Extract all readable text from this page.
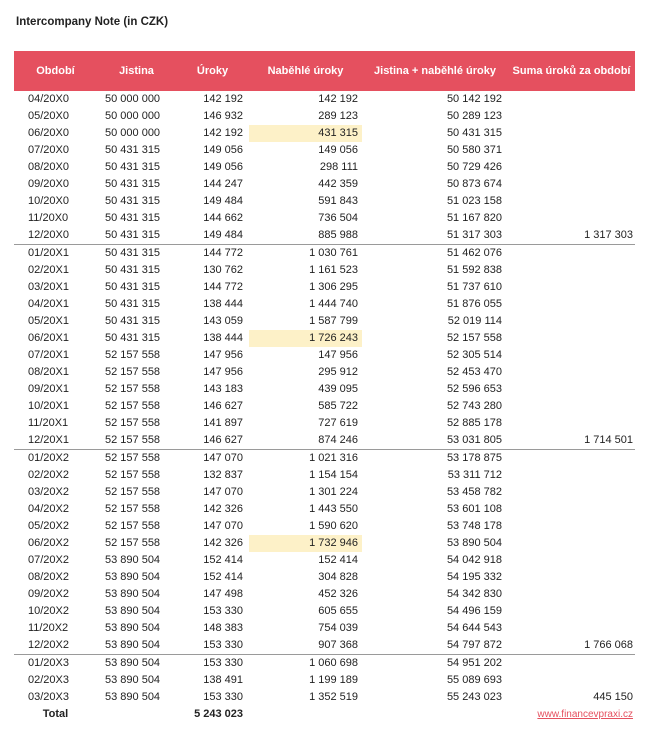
Intercompany Note (in CZK)
Období	Jistina	Úroky	Naběhlé úroky	Jistina + naběhlé úroky	Suma úroků za období
04/20X0	50 000 000	142 192	142 192	50 142 192	
05/20X0	50 000 000	146 932	289 123	50 289 123	
06/20X0	50 000 000	142 192	431 315	50 431 315	
07/20X0	50 431 315	149 056	149 056	50 580 371	
08/20X0	50 431 315	149 056	298 111	50 729 426	
09/20X0	50 431 315	144 247	442 359	50 873 674	
10/20X0	50 431 315	149 484	591 843	51 023 158	
11/20X0	50 431 315	144 662	736 504	51 167 820	
12/20X0	50 431 315	149 484	885 988	51 317 303	1 317 303
01/20X1	50 431 315	144 772	1 030 761	51 462 076	
02/20X1	50 431 315	130 762	1 161 523	51 592 838	
03/20X1	50 431 315	144 772	1 306 295	51 737 610	
04/20X1	50 431 315	138 444	1 444 740	51 876 055	
05/20X1	50 431 315	143 059	1 587 799	52 019 114	
06/20X1	50 431 315	138 444	1 726 243	52 157 558	
07/20X1	52 157 558	147 956	147 956	52 305 514	
08/20X1	52 157 558	147 956	295 912	52 453 470	
09/20X1	52 157 558	143 183	439 095	52 596 653	
10/20X1	52 157 558	146 627	585 722	52 743 280	
11/20X1	52 157 558	141 897	727 619	52 885 178	
12/20X1	52 157 558	146 627	874 246	53 031 805	1 714 501
01/20X2	52 157 558	147 070	1 021 316	53 178 875	
02/20X2	52 157 558	132 837	1 154 154	53 311 712	
03/20X2	52 157 558	147 070	1 301 224	53 458 782	
04/20X2	52 157 558	142 326	1 443 550	53 601 108	
05/20X2	52 157 558	147 070	1 590 620	53 748 178	
06/20X2	52 157 558	142 326	1 732 946	53 890 504	
07/20X2	53 890 504	152 414	152 414	54 042 918	
08/20X2	53 890 504	152 414	304 828	54 195 332	
09/20X2	53 890 504	147 498	452 326	54 342 830	
10/20X2	53 890 504	153 330	605 655	54 496 159	
11/20X2	53 890 504	148 383	754 039	54 644 543	
12/20X2	53 890 504	153 330	907 368	54 797 872	1 766 068
01/20X3	53 890 504	153 330	1 060 698	54 951 202	
02/20X3	53 890 504	138 491	1 199 189	55 089 693	
03/20X3	53 890 504	153 330	1 352 519	55 243 023	445 150
Total		5 243 023			www.financevpraxi.cz
